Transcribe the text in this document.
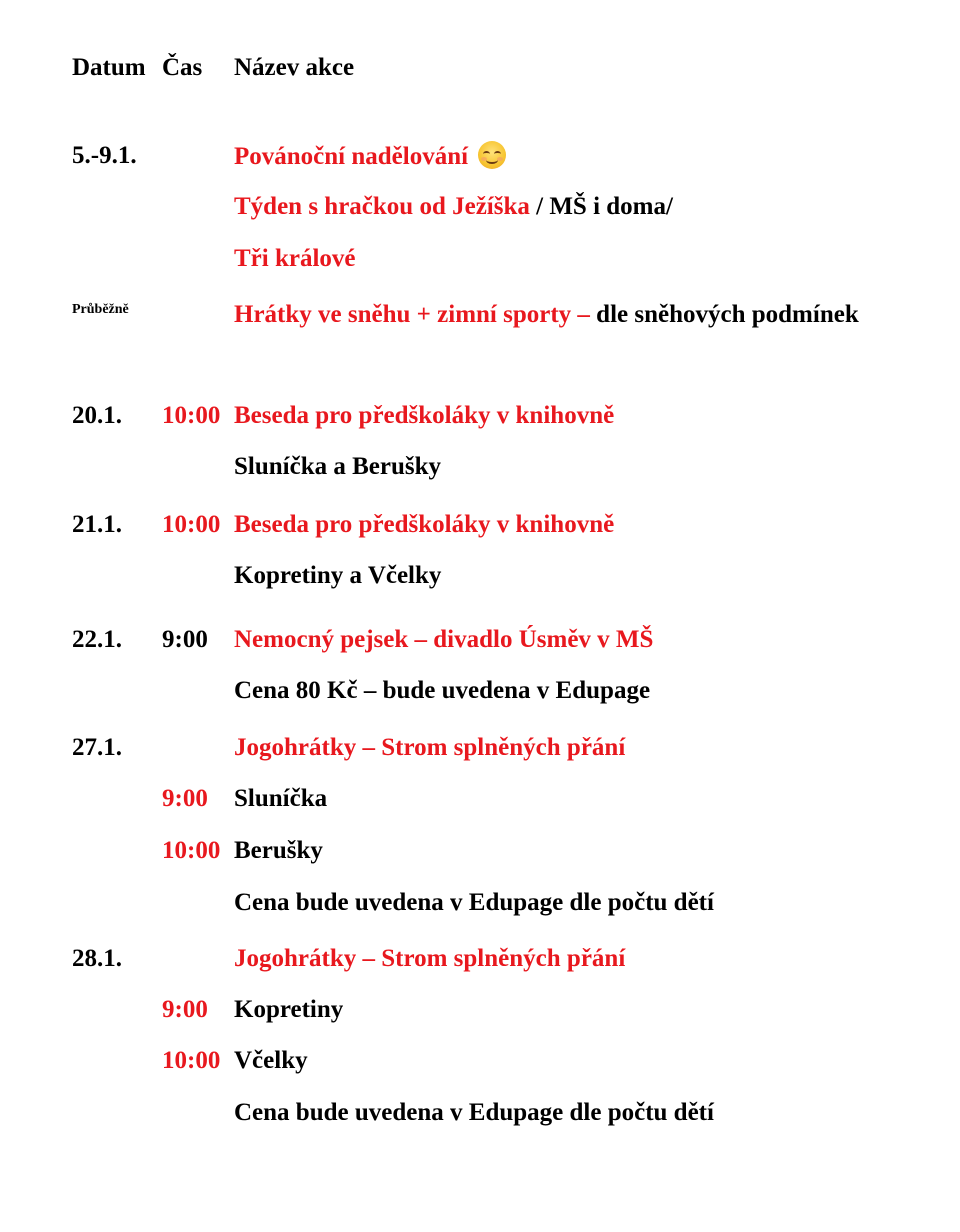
Datum Čas Název akce
5.-9.1.	Povánoční nadělování
Týden s hračkou od Ježíška / MŠ i doma/
Tři králové
Průběžně	Hrátky ve sněhu + zimní sporty – dle sněhových podmínek
20.1. 10:00 Beseda pro předškoláky v knihovně
Sluníčka a Berušky
21.1. 10:00 Beseda pro předškoláky v knihovně
Kopretiny a Včelky
22.1. 9:00 Nemocný pejsek – divadlo Úsměv v MŠ
Cena 80 Kč – bude uvedena v Edupage
27.1.	Jogohrátky – Strom splněných přání
9:00 Sluníčka
10:00 Berušky
Cena bude uvedena v Edupage dle počtu dětí
28.1.	Jogohrátky – Strom splněných přání
9:00 Kopretiny
10:00 Včelky
Cena bude uvedena v Edupage dle počtu dětí
